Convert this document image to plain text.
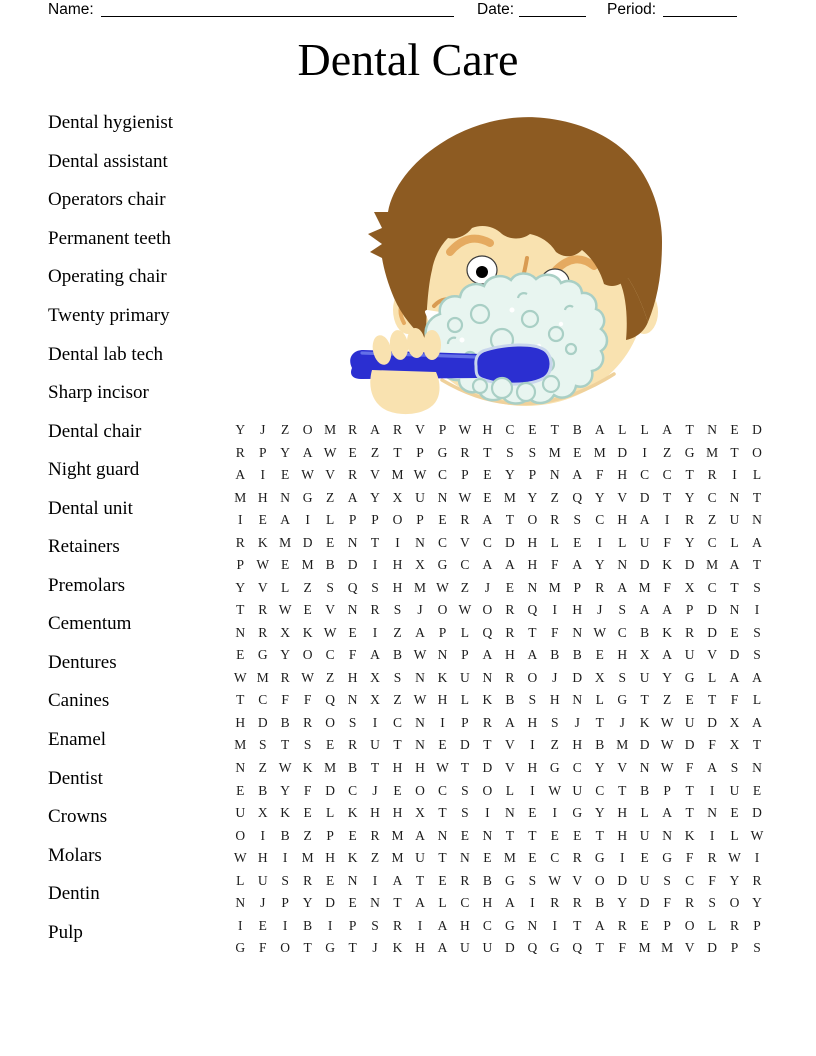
Name:	Date:	Period:
Dental Care
Dental hygienist
Dental assistant
Operators chair
Permanent teeth
Operating chair
Twenty primary
Dental lab tech
Sharp incisor
Dental chair
Night guard
Dental unit
Retainers
Premolars
Cementum
Dentures
Canines
Enamel
Dentist
Crowns
Molars
Dentin
Pulp
Y	J	Z O M R A R V	P W H C	E	T	B A L	L A T N E D
R	P	Y A W E	Z	T	P	G R	T	S	S M E M D	I	Z G M T O
A	I	E W V R V M W C	P	E Y	P	N A	F	H C C	T	R	I	L
M H N G Z A Y X U N W E M Y Z Q Y V D T Y C N T
I	E A	I	L	P	P	O	P	E	R A T O R	S	C H A	I	R	Z U N
R K M D E N T	I	N C V C D H L	E	I	L U	F	Y C	L A
P W E M B D	I	H X G C A A H	F	A Y N D K D M A T
Y V L	Z	S	Q	S	H M W Z	J	E N M P	R A M F	X C	T	S
T	R W E V N R	S	J	O W O R Q	I	H	J	S	A A	P	D N	I
N R X K W E	I	Z A	P	L Q R	T	F	N W C B K R D E	S
E G Y O C	F	A B W N	P	A H A B B	E H X A U V D	S
W M R W Z H X	S	N K U N R O	J	D X	S	U Y G L A A
T	C	F	F	Q N X Z W H L K B	S	H N L G T	Z	E	T	F	L
H D B R O	S	I	C N	I	P	R A H	S	J	T	J	K W U D X A
M S	T	S	E	R U T N E D T V	I	Z H B M D W D	F	X T
N Z W K M B	T H H W T D V H G C Y V N W F	A	S	N
E	B Y	F	D C	J	E O C	S	O L	I	W U C	T	B	P	T	I	U E
U X K E	L K H H X T	S	I	N E	I	G Y H L A T N E D
O	I	B	Z	P	E	R M A N E N T	T	E	E	T H U N K	I	L W
W H	I	M H K Z M U T N E M E	C R G	I	E G	F	R W	I
L U	S	R	E N	I	A T	E	R B G	S W V O D U	S	C	F	Y R
N	J	P	Y D E N T A L	C H A	I	R R B Y D	F	R	S	O Y
I	E	I	B	I	P	S	R	I	A H C G N	I	T A R	E	P	O L	R	P
G	F	O T G T	J	K H A U U D Q G Q T	F M M V D	P	S
